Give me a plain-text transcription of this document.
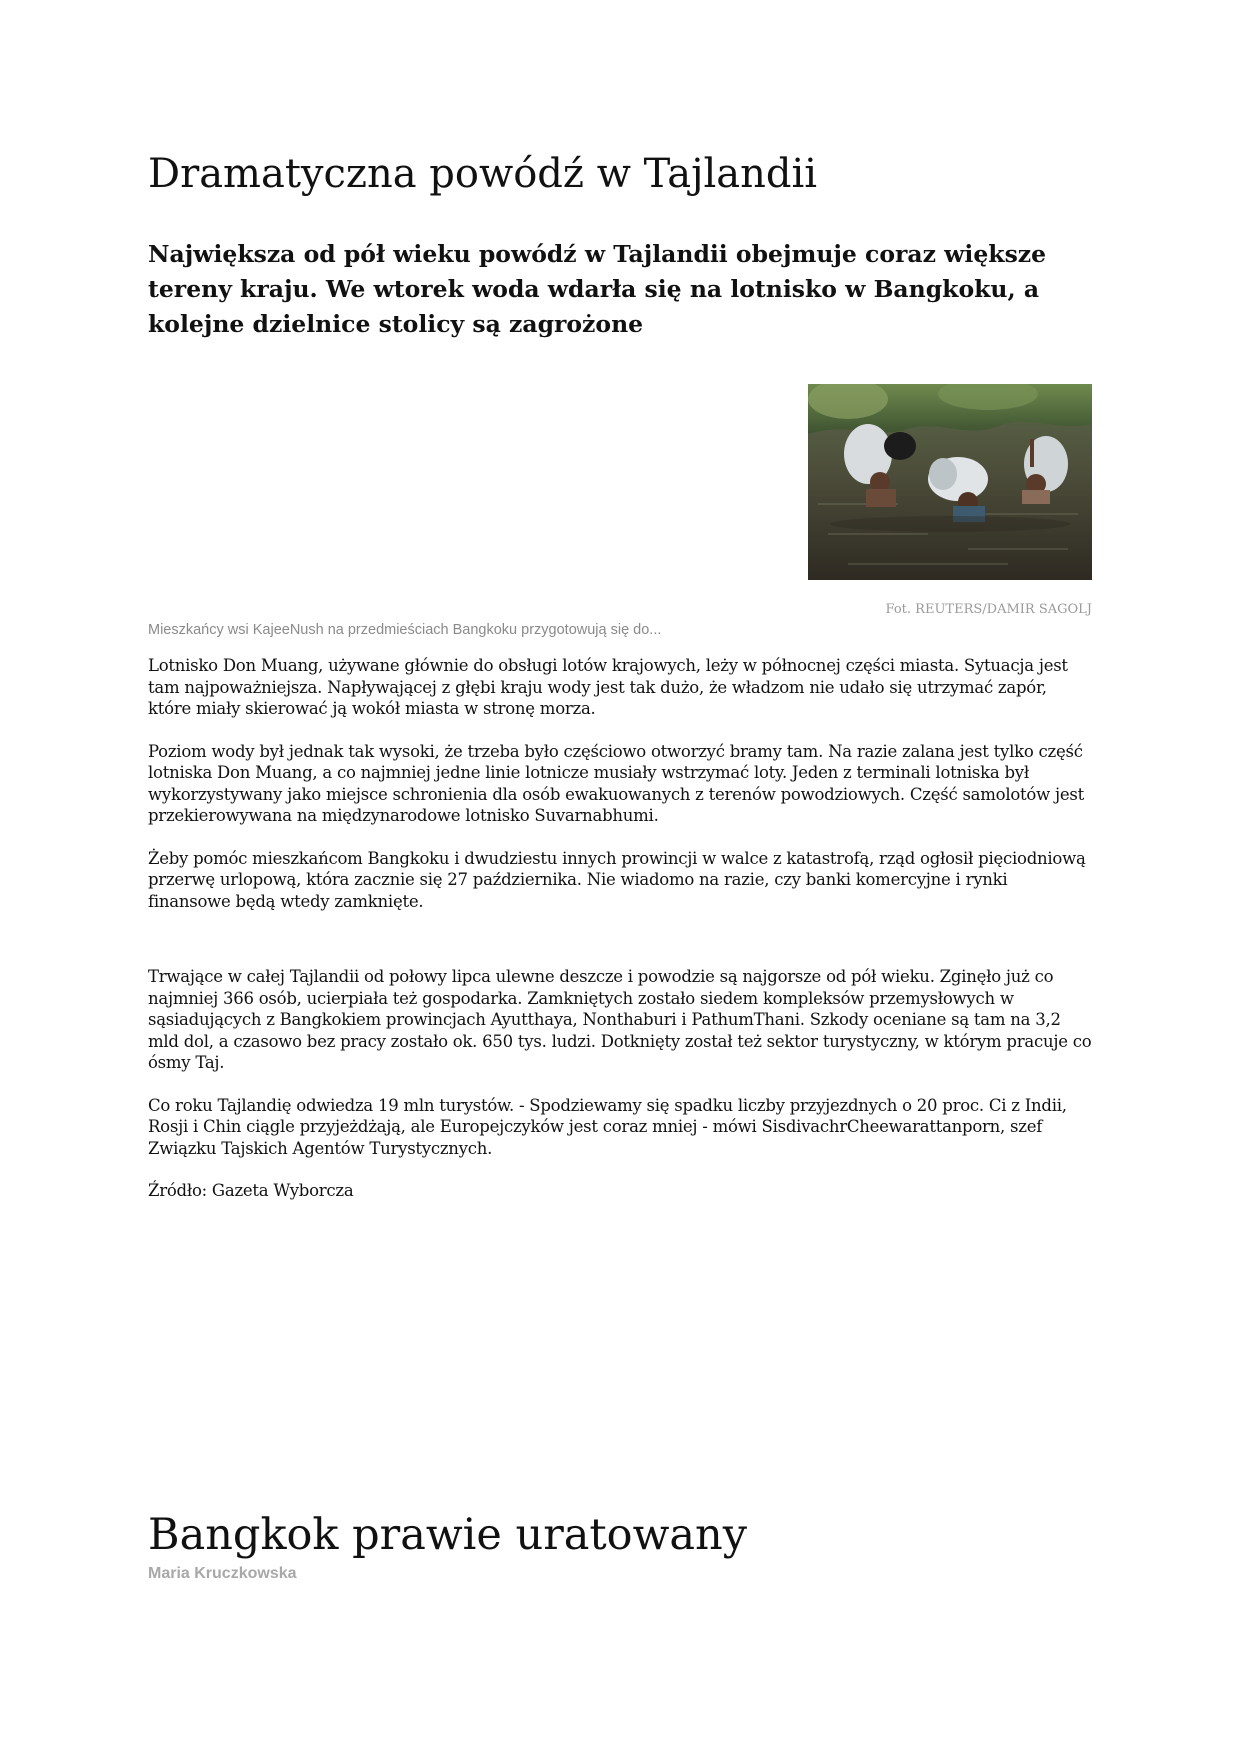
Dramatyczna powódź w Tajlandii

Największa od pół wieku powódź w Tajlandii obejmuje coraz większe tereny kraju. We wtorek woda wdarła się na lotnisko w Bangkoku, a kolejne dzielnice stolicy są zagrożone

Fot. REUTERS/DAMIR SAGOLJ

Mieszkańcy wsi KajeeNush na przedmieściach Bangkoku przygotowują się do...

Lotnisko Don Muang, używane głównie do obsługi lotów krajowych, leży w północnej części miasta. Sytuacja jest tam najpoważniejsza. Napływającej z głębi kraju wody jest tak dużo, że władzom nie udało się utrzymać zapór, które miały skierować ją wokół miasta w stronę morza.

Poziom wody był jednak tak wysoki, że trzeba było częściowo otworzyć bramy tam. Na razie zalana jest tylko część lotniska Don Muang, a co najmniej jedne linie lotnicze musiały wstrzymać loty. Jeden z terminali lotniska był wykorzystywany jako miejsce schronienia dla osób ewakuowanych z terenów powodziowych. Część samolotów jest przekierowywana na międzynarodowe lotnisko Suvarnabhumi.

Żeby pomóc mieszkańcom Bangkoku i dwudziestu innych prowincji w walce z katastrofą, rząd ogłosił pięciodniową przerwę urlopową, która zacznie się 27 października. Nie wiadomo na razie, czy banki komercyjne i rynki finansowe będą wtedy zamknięte.

Trwające w całej Tajlandii od połowy lipca ulewne deszcze i powodzie są najgorsze od pół wieku. Zginęło już co najmniej 366 osób, ucierpiała też gospodarka. Zamkniętych zostało siedem kompleksów przemysłowych w sąsiadujących z Bangkokiem prowincjach Ayutthaya, Nonthaburi i PathumThani. Szkody oceniane są tam na 3,2 mld dol, a czasowo bez pracy zostało ok. 650 tys. ludzi. Dotknięty został też sektor turystyczny, w którym pracuje co ósmy Taj.

Co roku Tajlandię odwiedza 19 mln turystów. - Spodziewamy się spadku liczby przyjezdnych o 20 proc. Ci z Indii, Rosji i Chin ciągle przyjeżdżają, ale Europejczyków jest coraz mniej - mówi SisdivachrCheewarattanporn, szef Związku Tajskich Agentów Turystycznych.

Źródło: Gazeta Wyborcza

Bangkok prawie uratowany

Maria Kruczkowska
